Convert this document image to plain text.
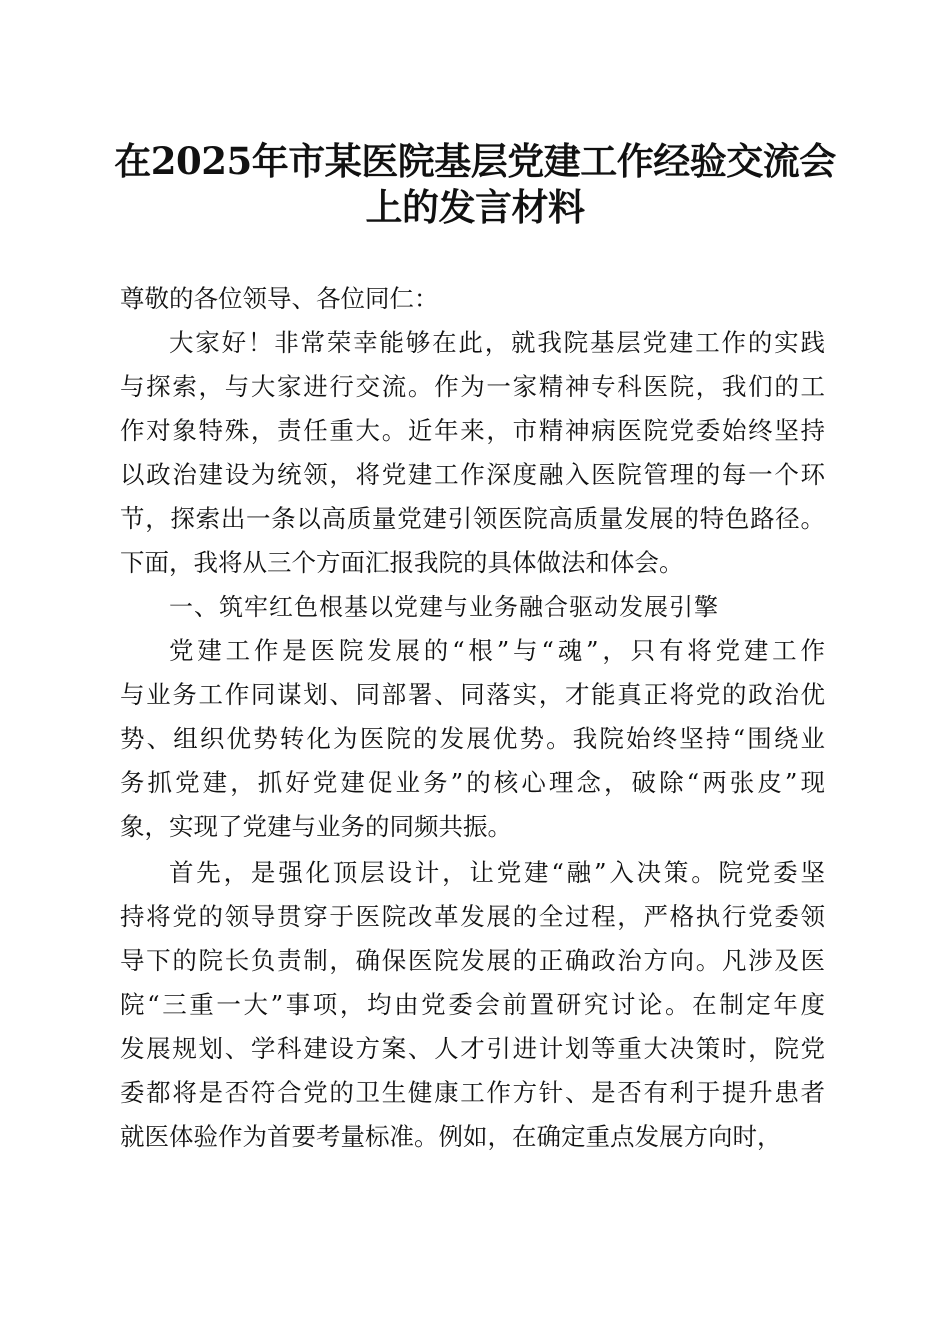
在2025年市某医院基层党建工作经验交流会
上的发言材料
尊敬的各位领导、各位同仁：
大家好！非常荣幸能够在此，就我院基层党建工作的实践
与探索，与大家进行交流。作为一家精神专科医院，我们的工
作对象特殊，责任重大。近年来，市精神病医院党委始终坚持
以政治建设为统领，将党建工作深度融入医院管理的每一个环
节，探索出一条以高质量党建引领医院高质量发展的特色路径。
下面，我将从三个方面汇报我院的具体做法和体会。
一、筑牢红色根基以党建与业务融合驱动发展引擎
党建工作是医院发展的“根”与“魂”，只有将党建工作
与业务工作同谋划、同部署、同落实，才能真正将党的政治优
势、组织优势转化为医院的发展优势。我院始终坚持“围绕业
务抓党建，抓好党建促业务”的核心理念，破除“两张皮”现
象，实现了党建与业务的同频共振。
首先，是强化顶层设计，让党建“融”入决策。院党委坚
持将党的领导贯穿于医院改革发展的全过程，严格执行党委领
导下的院长负责制，确保医院发展的正确政治方向。凡涉及医
院“三重一大”事项，均由党委会前置研究讨论。在制定年度
发展规划、学科建设方案、人才引进计划等重大决策时，院党
委都将是否符合党的卫生健康工作方针、是否有利于提升患者
就医体验作为首要考量标准。例如，在确定重点发展方向时，
